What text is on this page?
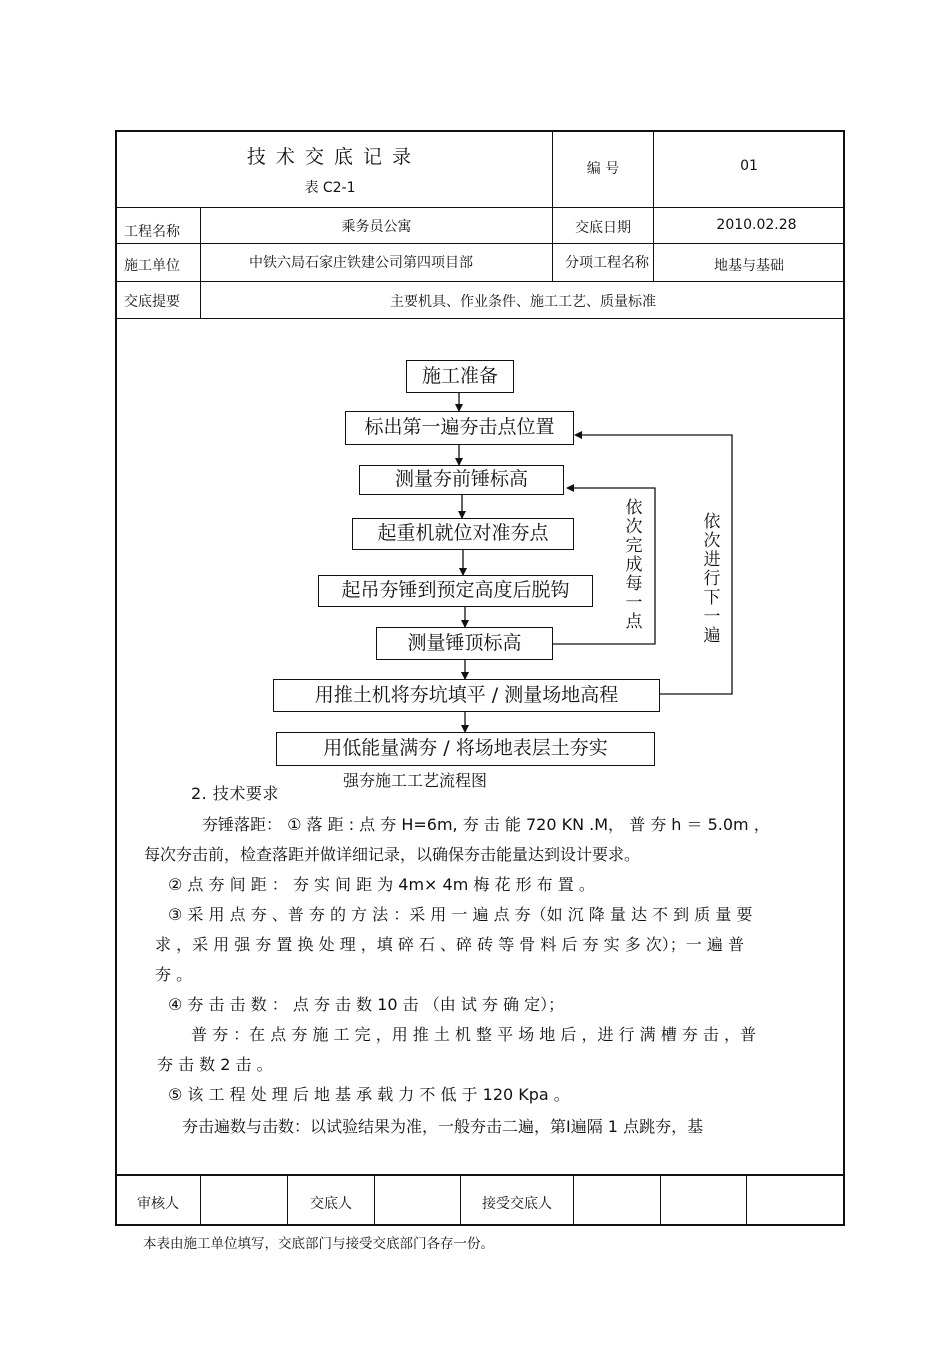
技 术 交 底 记 录
表 C2-1
编 号	01
工程名称	乘务员公寓	交底日期	2010.02.28
施工单位	中铁六局石家庄铁建公司第四项目部	分项工程名称	地基与基础
交底提要	主要机具、作业条件、施工工艺、质量标准
施工准备
标出第一遍夯击点位置
测量夯前锤标高
起重机就位对准夯点
起吊夯锤到预定高度后脱钩
测量锤顶标高
用推土机将夯坑填平 / 测量场地高程
用低能量满夯 / 将场地表层土夯实
依次完成每一点
依次进行下一遍
强夯施工工艺流程图
2. 技术要求
夯锤落距： ① 落 距 : 点 夯 H=6m, 夯 击 能 720 KN .M， 普 夯 h ＝ 5.0m ，
每次夯击前，检查落距并做详细记录，以确保夯击能量达到设计要求。
② 点 夯 间 距 ： 夯 实 间 距 为 4m× 4m 梅 花 形 布 置 。
③ 采 用 点 夯 、普 夯 的 方 法 ：采 用 一 遍 点 夯（如 沉 降 量 达 不 到 质 量 要
求 ，采 用 强 夯 置 换 处 理 ，填 碎 石 、碎 砖 等 骨 料 后 夯 实 多 次）；一 遍 普
夯 。
④ 夯 击 击 数 ： 点 夯 击 数 10 击 （由 试 夯 确 定）；
普 夯 ：在 点 夯 施 工 完 ，用 推 土 机 整 平 场 地 后 ，进 行 满 槽 夯 击 ，普
夯 击 数 2 击 。
⑤ 该 工 程 处 理 后 地 基 承 载 力 不 低 于 120 Kpa 。
夯击遍数与击数：以试验结果为准，一般夯击二遍，第Ⅰ遍隔 1 点跳夯，基
审核人	交底人	接受交底人
本表由施工单位填写，交底部门与接受交底部门各存一份。
